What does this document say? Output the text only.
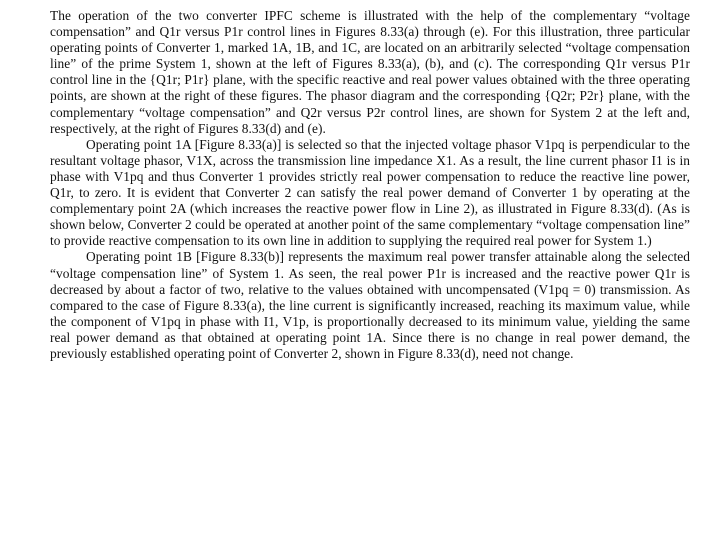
The operation of the two converter IPFC scheme is illustrated with the help of the complementary “voltage compensation” and Q1r versus P1r control lines in Figures 8.33(a) through (e). For this illustration, three particular operating points of Converter 1, marked 1A, 1B, and 1C, are located on an arbitrarily selected “voltage compensation line” of the prime System 1, shown at the left of Figures 8.33(a), (b), and (c). The corresponding Q1r versus P1r control line in the {Q1r; P1r} plane, with the specific reactive and real power values obtained with the three operating points, are shown at the right of these figures. The phasor diagram and the corresponding {Q2r; P2r} plane, with the complementary “voltage compensation” and Q2r versus P2r control lines, are shown for System 2 at the left and, respectively, at the right of Figures 8.33(d) and (e).

Operating point 1A [Figure 8.33(a)] is selected so that the injected voltage phasor V1pq is perpendicular to the resultant voltage phasor, V1X, across the transmission line impedance X1. As a result, the line current phasor I1 is in phase with V1pq and thus Converter 1 provides strictly real power compensation to reduce the reactive line power, Q1r, to zero. It is evident that Converter 2 can satisfy the real power demand of Converter 1 by operating at the complementary point 2A (which increases the reactive power flow in Line 2), as illustrated in Figure 8.33(d). (As is shown below, Converter 2 could be operated at another point of the same complementary “voltage compensation line” to provide reactive compensation to its own line in addition to supplying the required real power for System 1.)

Operating point 1B [Figure 8.33(b)] represents the maximum real power transfer attainable along the selected “voltage compensation line” of System 1. As seen, the real power P1r is increased and the reactive power Q1r is decreased by about a factor of two, relative to the values obtained with uncompensated (V1pq = 0) transmission. As compared to the case of Figure 8.33(a), the line current is significantly increased, reaching its maximum value, while the component of V1pq in phase with I1, V1p, is proportionally decreased to its minimum value, yielding the same real power demand as that obtained at operating point 1A. Since there is no change in real power demand, the previously established operating point of Converter 2, shown in Figure 8.33(d), need not change.
